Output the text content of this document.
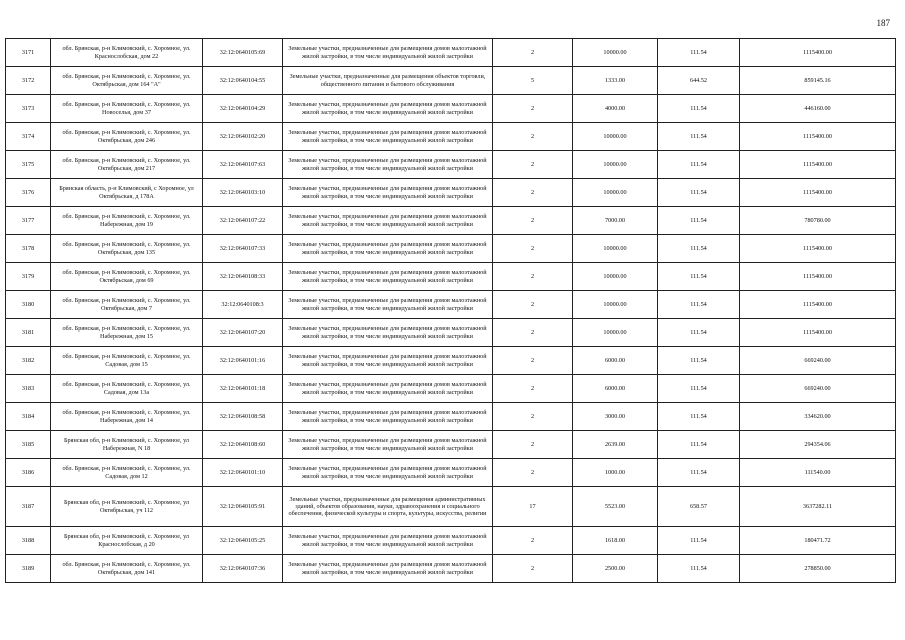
187
3171	обл. Брянская, р-н Климовский, с. Хоромное, ул. Краснослобская, дом 22	32:12:0640105:69	Земельные участки, предназначенные для размещения домов малоэтажной жилой застройки, в том числе индивидуальной жилой застройки	2	10000.00	111.54	1115400.00
3172	обл. Брянская, р-н Климовский, с. Хоромное, ул. Октябрьская, дом 164 "А"	32:12:0640104:55	Земельные участки, предназначенные для размещения объектов торговли, общественного питания и бытового обслуживания	5	1333.00	644.52	859145.16
3173	обл. Брянская, р-н Климовский, с. Хоромное, ул. Новоселья, дом 37	32:12:0640104:29	Земельные участки, предназначенные для размещения домов малоэтажной жилой застройки, в том числе индивидуальной жилой застройки	2	4000.00	111.54	446160.00
3174	обл. Брянская, р-н Климовский, с. Хоромное, ул. Октябрьская, дом 246	32:12:0640102:20	Земельные участки, предназначенные для размещения домов малоэтажной жилой застройки, в том числе индивидуальной жилой застройки	2	10000.00	111.54	1115400.00
3175	обл. Брянская, р-н Климовский, с. Хоромное, ул. Октябрьская, дом 217	32:12:0640107:63	Земельные участки, предназначенные для размещения домов малоэтажной жилой застройки, в том числе индивидуальной жилой застройки	2	10000.00	111.54	1115400.00
3176	Брянская область, р-н Климовский, с Хоромное, ул Октябрьская, д 178А	32:12:0640103:10	Земельные участки, предназначенные для размещения домов малоэтажной жилой застройки, в том числе индивидуальной жилой застройки	2	10000.00	111.54	1115400.00
3177	обл. Брянская, р-н Климовский, с. Хоромное, ул. Набережная, дом 19	32:12:0640107:22	Земельные участки, предназначенные для размещения домов малоэтажной жилой застройки, в том числе индивидуальной жилой застройки	2	7000.00	111.54	780780.00
3178	обл. Брянская, р-н Климовский, с. Хоромное, ул. Октябрьская, дом 135	32:12:0640107:33	Земельные участки, предназначенные для размещения домов малоэтажной жилой застройки, в том числе индивидуальной жилой застройки	2	10000.00	111.54	1115400.00
3179	обл. Брянская, р-н Климовский, с. Хоромное, ул. Октябрьская, дом 69	32:12:0640108:33	Земельные участки, предназначенные для размещения домов малоэтажной жилой застройки, в том числе индивидуальной жилой застройки	2	10000.00	111.54	1115400.00
3180	обл. Брянская, р-н Климовский, с. Хоромное, ул. Октябрьская, дом 7	32:12:0640108:3	Земельные участки, предназначенные для размещения домов малоэтажной жилой застройки, в том числе индивидуальной жилой застройки	2	10000.00	111.54	1115400.00
3181	обл. Брянская, р-н Климовский, с. Хоромное, ул. Набережная, дом 15	32:12:0640107:20	Земельные участки, предназначенные для размещения домов малоэтажной жилой застройки, в том числе индивидуальной жилой застройки	2	10000.00	111.54	1115400.00
3182	обл. Брянская, р-н Климовский, с. Хоромное, ул. Садовая, дом 15	32:12:0640101:16	Земельные участки, предназначенные для размещения домов малоэтажной жилой застройки, в том числе индивидуальной жилой застройки	2	6000.00	111.54	669240.00
3183	обл. Брянская, р-н Климовский, с. Хоромное, ул. Садовая, дом 13а	32:12:0640101:18	Земельные участки, предназначенные для размещения домов малоэтажной жилой застройки, в том числе индивидуальной жилой застройки	2	6000.00	111.54	669240.00
3184	обл. Брянская, р-н Климовский, с. Хоромное, ул. Набережная, дом 14	32:12:0640108:58	Земельные участки, предназначенные для размещения домов малоэтажной жилой застройки, в том числе индивидуальной жилой застройки	2	3000.00	111.54	334620.00
3185	Брянская обл, р-н Климовский, с. Хоромное, ул Набережная, N 18	32:12:0640108:60	Земельные участки, предназначенные для размещения домов малоэтажной жилой застройки, в том числе индивидуальной жилой застройки	2	2639.00	111.54	294354.06
3186	обл. Брянская, р-н Климовский, с. Хоромное, ул. Садовая, дом 12	32:12:0640101:10	Земельные участки, предназначенные для размещения домов малоэтажной жилой застройки, в том числе индивидуальной жилой застройки	2	1000.00	111.54	111540.00
3187	Брянская обл, р-н Климовский, с. Хоромное, ул Октябрьская, уч 112	32:12:0640105:91	Земельные участки, предназначенные для размещения административных зданий, объектов образования, науки, здравоохранения и социального обеспечения, физической культуры и спорта, культуры, искусства, религии	17	5523.00	658.57	3637282.11
3188	Брянская обл, р-н Климовский, с. Хоромное, ул Краснослобская, д 20	32:12:0640105:25	Земельные участки, предназначенные для размещения домов малоэтажной жилой застройки, в том числе индивидуальной жилой застройки	2	1618.00	111.54	180471.72
3189	обл. Брянская, р-н Климовский, с. Хоромное, ул. Октябрьская, дом 141	32:12:0640107:36	Земельные участки, предназначенные для размещения домов малоэтажной жилой застройки, в том числе индивидуальной жилой застройки	2	2500.00	111.54	278850.00
